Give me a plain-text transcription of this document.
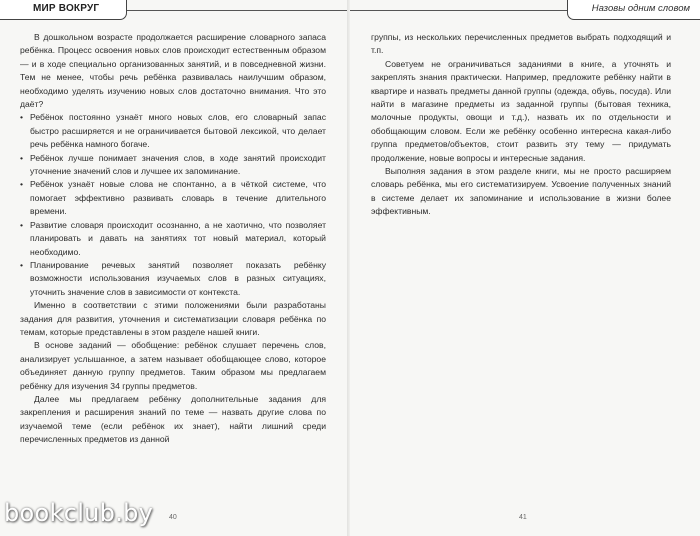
МИР ВОКРУГ

В дошкольном возрасте продолжается расширение словарного запаса ребёнка. Процесс освоения новых слов происходит естественным образом — и в ходе специально организованных занятий, и в повседневной жизни. Тем не менее, чтобы речь ребёнка развивалась наилучшим образом, необходимо уделять изучению новых слов достаточно внимания. Что это даёт?

• Ребёнок постоянно узнаёт много новых слов, его словарный запас быстро расширяется и не ограничивается бытовой лексикой, что делает речь ребёнка намного богаче.
• Ребёнок лучше понимает значения слов, в ходе занятий происходит уточнение значений слов и лучшее их запоминание.
• Ребёнок узнаёт новые слова не спонтанно, а в чёткой системе, что помогает эффективно развивать словарь в течение длительного времени.
• Развитие словаря происходит осознанно, а не хаотично, что позволяет планировать и давать на занятиях тот новый материал, который необходимо.
• Планирование речевых занятий позволяет показать ребёнку возможности использования изучаемых слов в разных ситуациях, уточнить значение слов в зависимости от контекста.

Именно в соответствии с этими положениями были разработаны задания для развития, уточнения и систематизации словаря ребёнка по темам, которые представлены в этом разделе нашей книги.

В основе заданий — обобщение: ребёнок слушает перечень слов, анализирует услышанное, а затем называет обобщающее слово, которое объединяет данную группу предметов. Таким образом мы предлагаем ребёнку для изучения 34 группы предметов.

Далее мы предлагаем ребёнку дополнительные задания для закрепления и расширения знаний по теме — назвать другие слова по изучаемой теме (если ребёнок их знает), найти лишний среди перечисленных предметов из данной

40
Назовы одним словом

группы, из нескольких перечисленных предметов выбрать подходящий и т.п.

Советуем не ограничиваться заданиями в книге, а уточнять и закреплять знания практически. Например, предложите ребёнку найти в квартире и назвать предметы данной группы (одежда, обувь, посуда). Или найти в магазине предметы из заданной группы (бытовая техника, молочные продукты, овощи и т.д.), назвать их по отдельности и обобщающим словом. Если же ребёнку особенно интересна какая-либо группа предметов/объектов, стоит развить эту тему — придумать продолжение, новые вопросы и интересные задания.

Выполняя задания в этом разделе книги, мы не просто расширяем словарь ребёнка, мы его систематизируем. Усвоение полученных знаний в системе делает их запоминание и использование в жизни более эффективным.

41
bookclub.by
